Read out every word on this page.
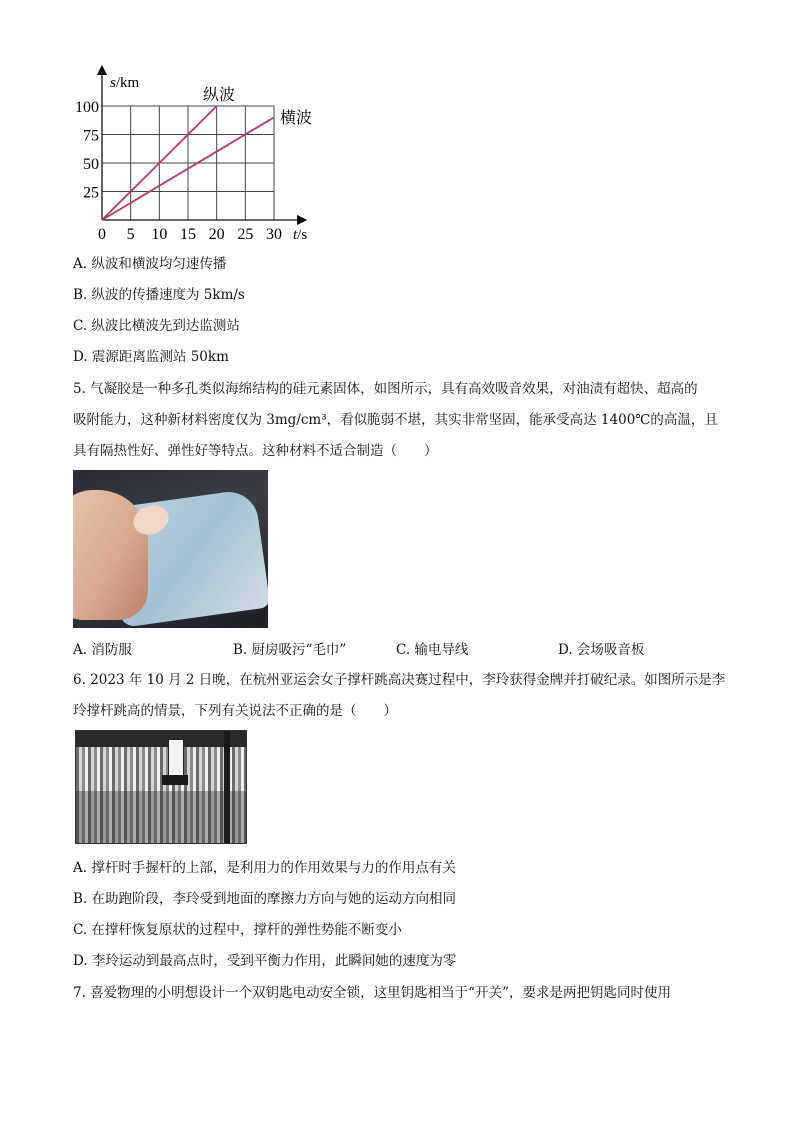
0 5 10 15 20 25 30
25
50
75
100
s/km
t/s
纵波
横波
A. 纵波和横波均匀速传播
B. 纵波的传播速度为 5km/s
C. 纵波比横波先到达监测站
D. 震源距离监测站 50km
5. 气凝胶是一种多孔类似海绵结构的硅元素固体，如图所示，具有高效吸音效果，对油渍有超快、超高的
吸附能力，这种新材料密度仅为 3mg/cm³，看似脆弱不堪，其实非常坚固，能承受高达 1400℃的高温，且
具有隔热性好、弹性好等特点。这种材料不适合制造（　　）
A. 消防服	B. 厨房吸污“毛巾”	C. 输电导线	D. 会场吸音板
6. 2023 年 10 月 2 日晚，在杭州亚运会女子撑杆跳高决赛过程中，李玲获得金牌并打破纪录。如图所示是李
玲撑杆跳高的情景，下列有关说法不正确的是（　　）
A. 撑杆时手握杆的上部，是利用力的作用效果与力的作用点有关
B. 在助跑阶段，李玲受到地面的摩擦力方向与她的运动方向相同
C. 在撑杆恢复原状的过程中，撑杆的弹性势能不断变小
D. 李玲运动到最高点时，受到平衡力作用，此瞬间她的速度为零
7. 喜爱物理的小明想设计一个双钥匙电动安全锁，这里钥匙相当于“开关”，要求是两把钥匙同时使用
